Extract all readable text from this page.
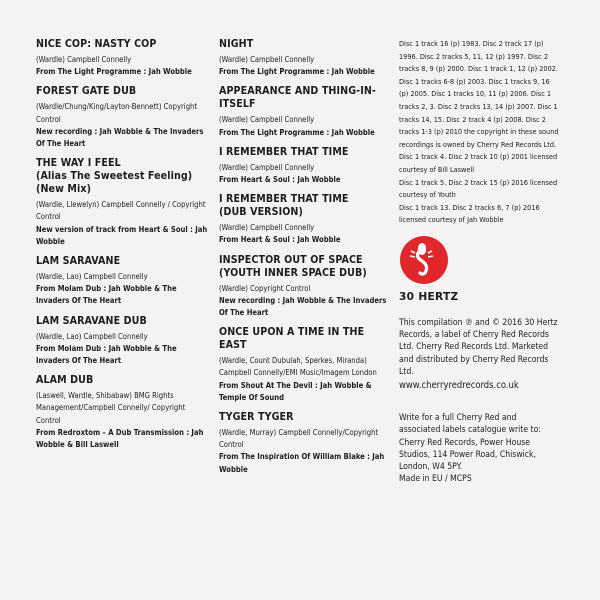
NICE COP: NASTY COP
(Wardle) Campbell Connelly
From The Light Programme : Jah Wobble
FOREST GATE DUB
(Wardle/Chung/King/Layton-Bennett) Copyright Control
New recording : Jah Wobble & The Invaders Of The Heart
THE WAY I FEEL
(Alias The Sweetest Feeling)
(New Mix)
(Wardle, Llewelyn) Campbell Connelly / Copyright Control
New version of track from Heart & Soul : Jah Wobble
LAM SARAVANE
(Wardle, Lao) Campbell Connelly
From Molam Dub : Jah Wobble & The Invaders Of The Heart
LAM SARAVANE DUB
(Wardle, Lao) Campbell Connelly
From Molam Dub : Jah Wobble & The Invaders Of The Heart
ALAM DUB
(Laswell, Wardle, Shibabaw) BMG Rights Management/Campbell Connelly/ Copyright Control
From Redroxtom – A Dub Transmission : Jah Wobble & Bill Laswell
NIGHT
(Wardle) Campbell Connelly
From The Light Programme : Jah Wobble
APPEARANCE AND THING-IN-ITSELF
(Wardle) Campbell Connelly
From The Light Programme : Jah Wobble
I REMEMBER THAT TIME
(Wardle) Campbell Connelly
From Heart & Soul : Jah Wobble
I REMEMBER THAT TIME
(DUB VERSION)
(Wardle) Campbell Connelly
From Heart & Soul : Jah Wobble
INSPECTOR OUT OF SPACE (YOUTH INNER SPACE DUB)
(Wardle) Copyright Control
New recording : Jah Wobble & The Invaders Of The Heart
ONCE UPON A TIME IN THE EAST
(Wardle, Count Dubulah, Sperkes, Miranda) Campbell Connelly/EMI Music/Imagem London
From Shout At The Devil : Jah Wobble & Temple Of Sound
TYGER TYGER
(Wardle, Murray) Campbell Connelly/Copyright Control
From The Inspiration Of William Blake : Jah Wobble

Disc 1 track 16 (p) 1983. Disc 2 track 17 (p) 1996. Disc 2 tracks 5, 11, 12 (p) 1997. Disc 2 tracks 8, 9 (p) 2000. Disc 1 track 1, 12 (p) 2002. Disc 1 tracks 6-8 (p) 2003. Disc 1 tracks 9, 16 (p) 2005. Disc 1 tracks 10, 11 (p) 2006. Disc 1 tracks 2, 3. Disc 2 tracks 13, 14 (p) 2007. Disc 1 tracks 14, 15. Disc 2 track 4 (p) 2008. Disc 2 tracks 1-3 (p) 2010 the copyright in these sound recordings is owned by Cherry Red Records Ltd.

Disc 1 track 4. Disc 2 track 10 (p) 2001 licensed courtesy of Bill Laswell

Disc 1 track 5. Disc 2 track 15 (p) 2016 licensed courtesy of Youth

Disc 1 track 13. Disc 2 tracks 6, 7 (p) 2016 licensed courtesy of Jah Wobble

30 HERTZ

This compilation ℗ and © 2016 30 Hertz Records, a label of Cherry Red Records Ltd. Cherry Red Records Ltd. Marketed and distributed by Cherry Red Records Ltd.

www.cherryredrecords.co.uk

Write for a full Cherry Red and associated labels catalogue write to: Cherry Red Records, Power House Studios, 114 Power Road, Chiswick, London, W4 5PY.

Made in EU / MCPS
